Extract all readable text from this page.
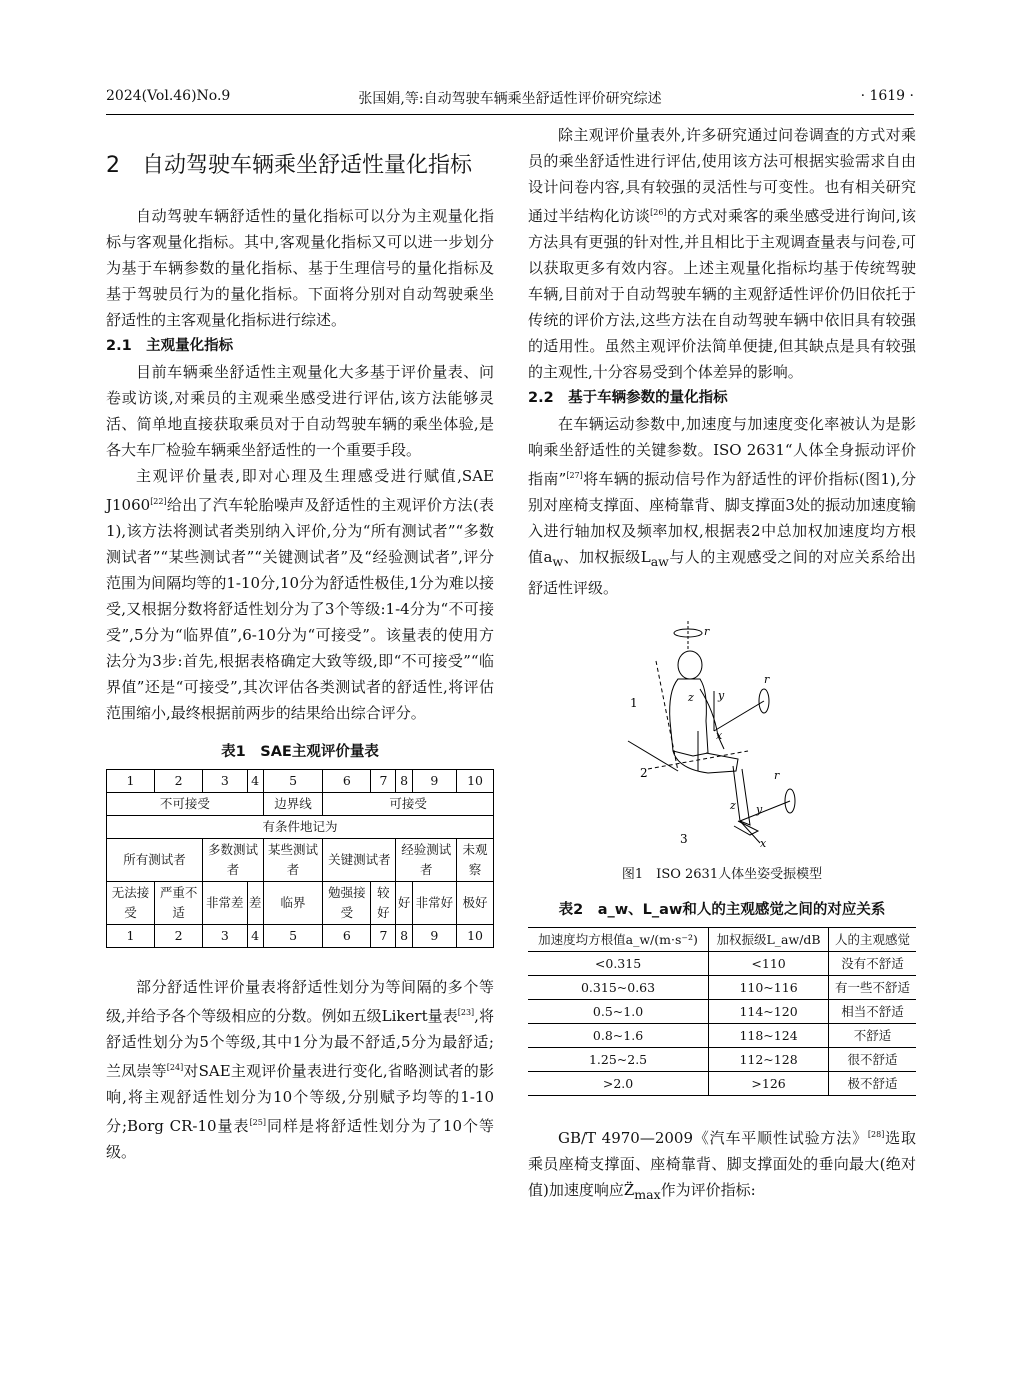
2024(Vol.46)No.9	张国娟,等:自动驾驶车辆乘坐舒适性评价研究综述	· 1619 ·
2　自动驾驶车辆乘坐舒适性量化指标

自动驾驶车辆舒适性的量化指标可以分为主观量化指标与客观量化指标。其中,客观量化指标又可以进一步划分为基于车辆参数的量化指标、基于生理信号的量化指标及基于驾驶员行为的量化指标。下面将分别对自动驾驶乘坐舒适性的主客观量化指标进行综述。

2.1　主观量化指标

目前车辆乘坐舒适性主观量化大多基于评价量表、问卷或访谈,对乘员的主观乘坐感受进行评估,该方法能够灵活、简单地直接获取乘员对于自动驾驶车辆的乘坐体验,是各大车厂检验车辆乘坐舒适性的一个重要手段。

主观评价量表,即对心理及生理感受进行赋值,SAE J1060[22]给出了汽车轮胎噪声及舒适性的主观评价方法(表1),该方法将测试者类别纳入评价,分为“所有测试者”“多数测试者”“某些测试者”“关键测试者”及“经验测试者”,评分范围为间隔均等的1-10分,10分为舒适性极佳,1分为难以接受,又根据分数将舒适性划分为了3个等级:1-4分为“不可接受”,5分为“临界值”,6-10分为“可接受”。该量表的使用方法分为3步:首先,根据表格确定大致等级,即“不可接受”“临界值”还是“可接受”,其次评估各类测试者的舒适性,将评估范围缩小,最终根据前两步的结果给出综合评分。

表1　SAE主观评价量表
1	2	3	4	5	6	7	8	9	10
不可接受				边界线	可接受				
有条件地记为									
所有测试者		多数测试者		某些测试者	关键测试者		经验测试者		未观察
无法接受	严重不适	非常差	差	临界	勉强接受	较好	好	非常好	极好
1	2	3	4	5	6	7	8	9	10

部分舒适性评价量表将舒适性划分为等间隔的多个等级,并给予各个等级相应的分数。例如五级Likert量表[23],将舒适性划分为5个等级,其中1分为最不舒适,5分为最舒适;兰凤崇等[24]对SAE主观评价量表进行变化,省略测试者的影响,将主观舒适性划分为10个等级,分别赋予均等的1-10分;Borg CR-10量表[25]同样是将舒适性划分为了10个等级。

除主观评价量表外,许多研究通过问卷调查的方式对乘员的乘坐舒适性进行评估,使用该方法可根据实验需求自由设计问卷内容,具有较强的灵活性与可变性。也有相关研究通过半结构化访谈[26]的方式对乘客的乘坐感受进行询问,该方法具有更强的针对性,并且相比于主观调查量表与问卷,可以获取更多有效内容。上述主观量化指标均基于传统驾驶车辆,目前对于自动驾驶车辆的主观舒适性评价仍旧依托于传统的评价方法,这些方法在自动驾驶车辆中依旧具有较强的适用性。虽然主观评价法简单便捷,但其缺点是具有较强的主观性,十分容易受到个体差异的影响。

2.2　基于车辆参数的量化指标

在车辆运动参数中,加速度与加速度变化率被认为是影响乘坐舒适性的关键参数。ISO 2631“人体全身振动评价指南”[27]将车辆的振动信号作为舒适性的评价指标(图1),分别对座椅支撑面、座椅靠背、脚支撑面3处的振动加速度输入进行轴加权及频率加权,根据表2中总加权加速度均方根值$a_w$、加权振级$L_{aw}$与人的主观感受之间的对应关系给出舒适性评级。

r
z y
x
r
r
z y
x
1
2
3
图1　ISO 2631人体坐姿受振模型
表2　a_w、L_aw和人的主观感觉之间的对应关系
加速度均方根值a_w/(m·s⁻²)	加权振级L_aw/dB	人的主观感觉
<0.315	<110	没有不舒适
0.315~0.63	110~116	有一些不舒适
0.5~1.0	114~120	相当不舒适
0.8~1.6	118~124	不舒适
1.25~2.5	112~128	很不舒适
>2.0	>126	极不舒适

GB/T 4970—2009《汽车平顺性试验方法》[28]选取乘员座椅支撑面、座椅靠背、脚支撑面处的垂向最大(绝对值)加速度响应$Z̈_{max}$作为评价指标:
